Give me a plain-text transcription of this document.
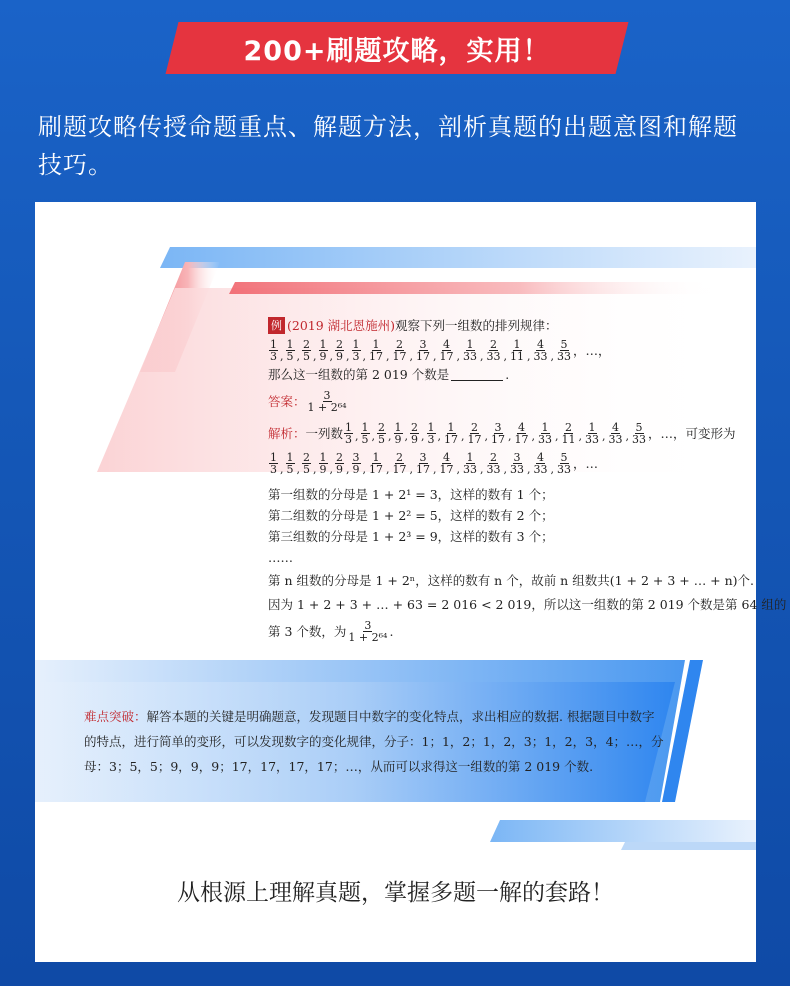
200+刷题攻略，实用！
刷题攻略传授命题重点、解题方法，剖析真题的出题意图和解题技巧。
例 (2019 湖北恩施州) 观察下列一组数的排列规律：
$\frac{1}{3}$ , $\frac{1}{5}$ , $\frac{2}{5}$ , $\frac{1}{9}$ , $\frac{2}{9}$ , $\frac{1}{3}$ , $\frac{1}{17}$ , $\frac{2}{17}$ , $\frac{3}{17}$ , $\frac{4}{17}$ , $\frac{1}{33}$ , $\frac{2}{33}$ , $\frac{1}{11}$ , $\frac{4}{33}$ , $\frac{5}{33}$ ，…，
那么这一组数的第 2 019 个数是	.
答案： $\frac{3}{\text{1 + 2⁶⁴}}$
解析： 一列数 $\frac{1}{3}$ , $\frac{1}{5}$ , $\frac{2}{5}$ , $\frac{1}{9}$ , $\frac{2}{9}$ , $\frac{1}{3}$ , $\frac{1}{17}$ , $\frac{2}{17}$ , $\frac{3}{17}$ , $\frac{4}{17}$ , $\frac{1}{33}$ , $\frac{2}{11}$ , $\frac{1}{33}$ , $\frac{4}{33}$ , $\frac{5}{33}$ ，…，可变形为
$\frac{1}{3}$ , $\frac{1}{5}$ , $\frac{2}{5}$ , $\frac{1}{9}$ , $\frac{2}{9}$ , $\frac{3}{9}$ , $\frac{1}{17}$ , $\frac{2}{17}$ , $\frac{3}{17}$ , $\frac{4}{17}$ , $\frac{1}{33}$ , $\frac{2}{33}$ , $\frac{3}{33}$ , $\frac{4}{33}$ , $\frac{5}{33}$ ，…
第一组数的分母是 1 + 2¹ = 3，这样的数有 1 个；
第二组数的分母是 1 + 2² = 5，这样的数有 2 个；
第三组数的分母是 1 + 2³ = 9，这样的数有 3 个；
……
第 n 组数的分母是 1 + 2ⁿ，这样的数有 n 个，故前 n 组数共(1 + 2 + 3 + … + n)个.
因为 1 + 2 + 3 + … + 63 = 2 016 < 2 019，所以这一组数的第 2 019 个数是第 64 组的
第 3 个数，为 $\frac{3}{\text{1 + 2⁶⁴}}$ .
难点突破：解答本题的关键是明确题意，发现题目中数字的变化特点，求出相应的数据. 根据题目中数字的特点，进行简单的变形，可以发现数字的变化规律，分子：1；1，2；1，2，3；1，2，3，4；…，分母：3；5，5；9，9，9；17，17，17，17；…，从而可以求得这一组数的第 2 019 个数.
从根源上理解真题，掌握多题一解的套路！
